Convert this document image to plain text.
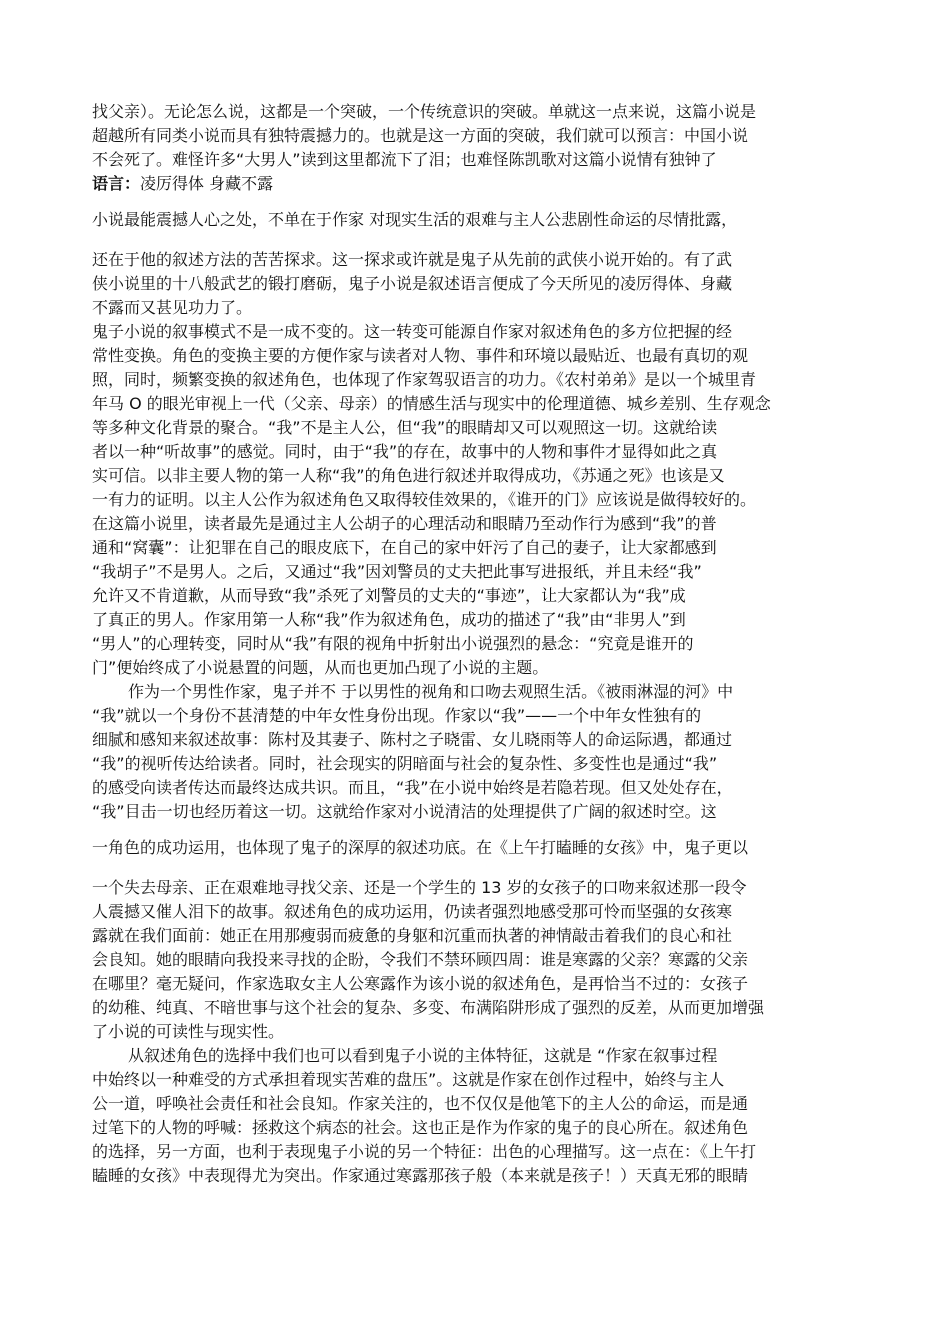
找父亲）。无论怎么说，这都是一个突破，一个传统意识的突破。单就这一点来说，这篇小说是
超越所有同类小说而具有独特震撼力的。也就是这一方面的突破，我们就可以预言：中国小说
不会死了。难怪许多“大男人”读到这里都流下了泪；也难怪陈凯歌对这篇小说情有独钟了
语言：凌厉得体 身藏不露
小说最能震撼人心之处，不单在于作家 对现实生活的艰难与主人公悲剧性命运的尽情批露，
还在于他的叙述方法的苦苦探求。这一探求或许就是鬼子从先前的武侠小说开始的。有了武
侠小说里的十八般武艺的锻打磨砺，鬼子小说是叙述语言便成了今天所见的凌厉得体、身藏
不露而又甚见功力了。
鬼子小说的叙事模式不是一成不变的。这一转变可能源自作家对叙述角色的多方位把握的经
常性变换。角色的变换主要的方便作家与读者对人物、事件和环境以最贴近、也最有真切的观
照，同时，频繁变换的叙述角色，也体现了作家驾驭语言的功力。《农村弟弟》是以一个城里青
年马 O 的眼光审视上一代（父亲、母亲）的情感生活与现实中的伦理道德、城乡差别、生存观念
等多种文化背景的聚合。“我”不是主人公，但“我”的眼睛却又可以观照这一切。这就给读
者以一种“听故事”的感觉。同时，由于“我”的存在，故事中的人物和事件才显得如此之真
实可信。以非主要人物的第一人称“我”的角色进行叙述并取得成功，《苏通之死》也该是又
一有力的证明。以主人公作为叙述角色又取得较佳效果的，《谁开的门》应该说是做得较好的。
在这篇小说里，读者最先是通过主人公胡子的心理活动和眼睛乃至动作行为感到“我”的普
通和“窝囊”：让犯罪在自己的眼皮底下，在自己的家中奸污了自己的妻子，让大家都感到
“我胡子”不是男人。之后，又通过“我”因刘警员的丈夫把此事写进报纸，并且未经“我”
允许又不肯道歉，从而导致“我”杀死了刘警员的丈夫的“事迹”，让大家都认为“我”成
了真正的男人。作家用第一人称“我”作为叙述角色，成功的描述了“我”由“非男人”到
“男人”的心理转变，同时从“我”有限的视角中折射出小说强烈的悬念：“究竟是谁开的
门”便始终成了小说悬置的问题，从而也更加凸现了小说的主题。
作为一个男性作家，鬼子并不 于以男性的视角和口吻去观照生活。《被雨淋湿的河》中
“我”就以一个身份不甚清楚的中年女性身份出现。作家以“我”——一个中年女性独有的
细腻和感知来叙述故事：陈村及其妻子、陈村之子晓雷、女儿晓雨等人的命运际遇，都通过
“我”的视听传达给读者。同时，社会现实的阴暗面与社会的复杂性、多变性也是通过“我”
的感受向读者传达而最终达成共识。而且，“我”在小说中始终是若隐若现。但又处处存在，
“我”目击一切也经历着这一切。这就给作家对小说清洁的处理提供了广阔的叙述时空。这
一角色的成功运用，也体现了鬼子的深厚的叙述功底。在《上午打瞌睡的女孩》中，鬼子更以
一个失去母亲、正在艰难地寻找父亲、还是一个学生的 13 岁的女孩子的口吻来叙述那一段令
人震撼又催人泪下的故事。叙述角色的成功运用，仍读者强烈地感受那可怜而坚强的女孩寒
露就在我们面前：她正在用那瘦弱而疲惫的身躯和沉重而执著的神情敲击着我们的良心和社
会良知。她的眼睛向我投来寻找的企盼，令我们不禁环顾四周：谁是寒露的父亲？寒露的父亲
在哪里？毫无疑问，作家选取女主人公寒露作为该小说的叙述角色，是再恰当不过的：女孩子
的幼稚、纯真、不暗世事与这个社会的复杂、多变、布满陷阱形成了强烈的反差，从而更加增强
了小说的可读性与现实性。
从叙述角色的选择中我们也可以看到鬼子小说的主体特征，这就是 “作家在叙事过程
中始终以一种难受的方式承担着现实苦难的盘压”。这就是作家在创作过程中，始终与主人
公一道，呼唤社会责任和社会良知。作家关注的，也不仅仅是他笔下的主人公的命运，而是通
过笔下的人物的呼喊：拯救这个病态的社会。这也正是作为作家的鬼子的良心所在。叙述角色
的选择，另一方面，也利于表现鬼子小说的另一个特征：出色的心理描写。这一点在：《上午打
瞌睡的女孩》中表现得尤为突出。作家通过寒露那孩子般（本来就是孩子！）天真无邪的眼睛
